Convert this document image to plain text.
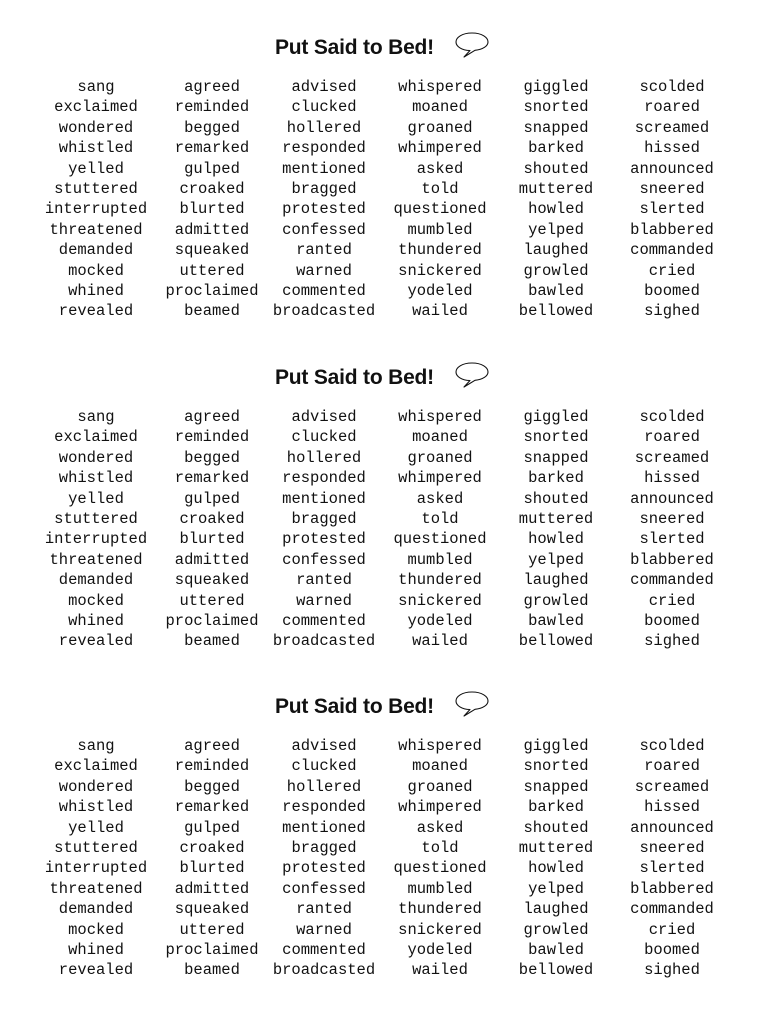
Put Said to Bed!
sang
exclaimed
wondered
whistled
yelled
stuttered
interrupted
threatened
demanded
mocked
whined
revealed
agreed
reminded
begged
remarked
gulped
croaked
blurted
admitted
squeaked
uttered
proclaimed
beamed
advised
clucked
hollered
responded
mentioned
bragged
protested
confessed
ranted
warned
commented
broadcasted
whispered
moaned
groaned
whimpered
asked
told
questioned
mumbled
thundered
snickered
yodeled
wailed
giggled
snorted
snapped
barked
shouted
muttered
howled
yelped
laughed
growled
bawled
bellowed
scolded
roared
screamed
hissed
announced
sneered
slerted
blabbered
commanded
cried
boomed
sighed
Put Said to Bed!
sang
exclaimed
wondered
whistled
yelled
stuttered
interrupted
threatened
demanded
mocked
whined
revealed
agreed
reminded
begged
remarked
gulped
croaked
blurted
admitted
squeaked
uttered
proclaimed
beamed
advised
clucked
hollered
responded
mentioned
bragged
protested
confessed
ranted
warned
commented
broadcasted
whispered
moaned
groaned
whimpered
asked
told
questioned
mumbled
thundered
snickered
yodeled
wailed
giggled
snorted
snapped
barked
shouted
muttered
howled
yelped
laughed
growled
bawled
bellowed
scolded
roared
screamed
hissed
announced
sneered
slerted
blabbered
commanded
cried
boomed
sighed
Put Said to Bed!
sang
exclaimed
wondered
whistled
yelled
stuttered
interrupted
threatened
demanded
mocked
whined
revealed
agreed
reminded
begged
remarked
gulped
croaked
blurted
admitted
squeaked
uttered
proclaimed
beamed
advised
clucked
hollered
responded
mentioned
bragged
protested
confessed
ranted
warned
commented
broadcasted
whispered
moaned
groaned
whimpered
asked
told
questioned
mumbled
thundered
snickered
yodeled
wailed
giggled
snorted
snapped
barked
shouted
muttered
howled
yelped
laughed
growled
bawled
bellowed
scolded
roared
screamed
hissed
announced
sneered
slerted
blabbered
commanded
cried
boomed
sighed
